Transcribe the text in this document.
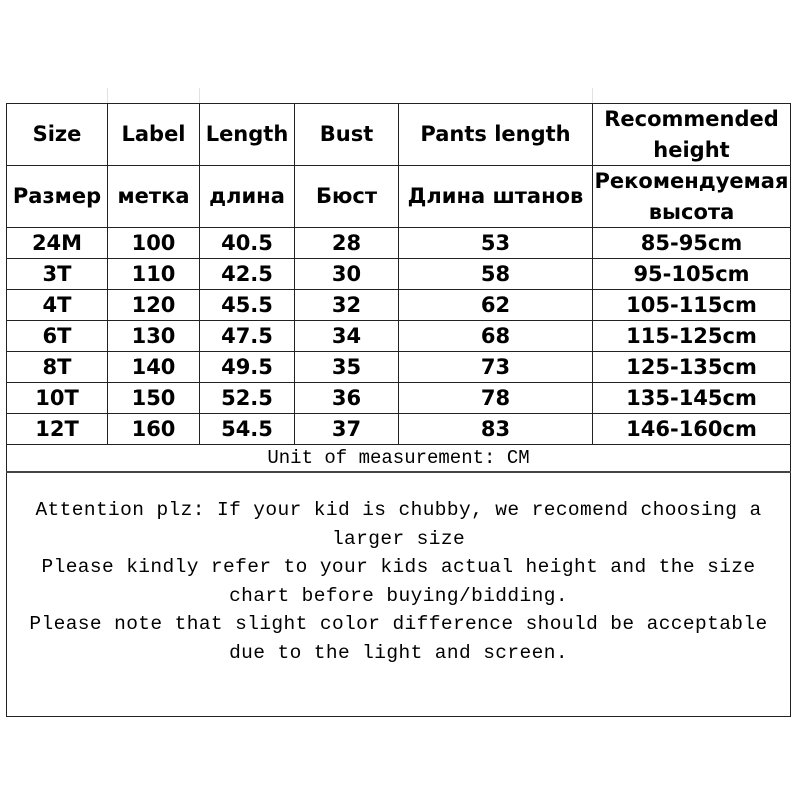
Size	Label	Length	Bust	Pants length	Recommended height
Размер	метка	длина	Бюст	Длина штанов	Рекомендуемая высота
24M	100	40.5	28	53	85-95cm
3T	110	42.5	30	58	95-105cm
4T	120	45.5	32	62	105-115cm
6T	130	47.5	34	68	115-125cm
8T	140	49.5	35	73	125-135cm
10T	150	52.5	36	78	135-145cm
12T	160	54.5	37	83	146-160cm
Unit of measurement: CM					

Attention plz: If your kid is chubby, we recomend choosing a larger size
Please kindly refer to your kids actual height and the size chart before buying/bidding.
Please note that slight color difference should be acceptable due to the light and screen.					
